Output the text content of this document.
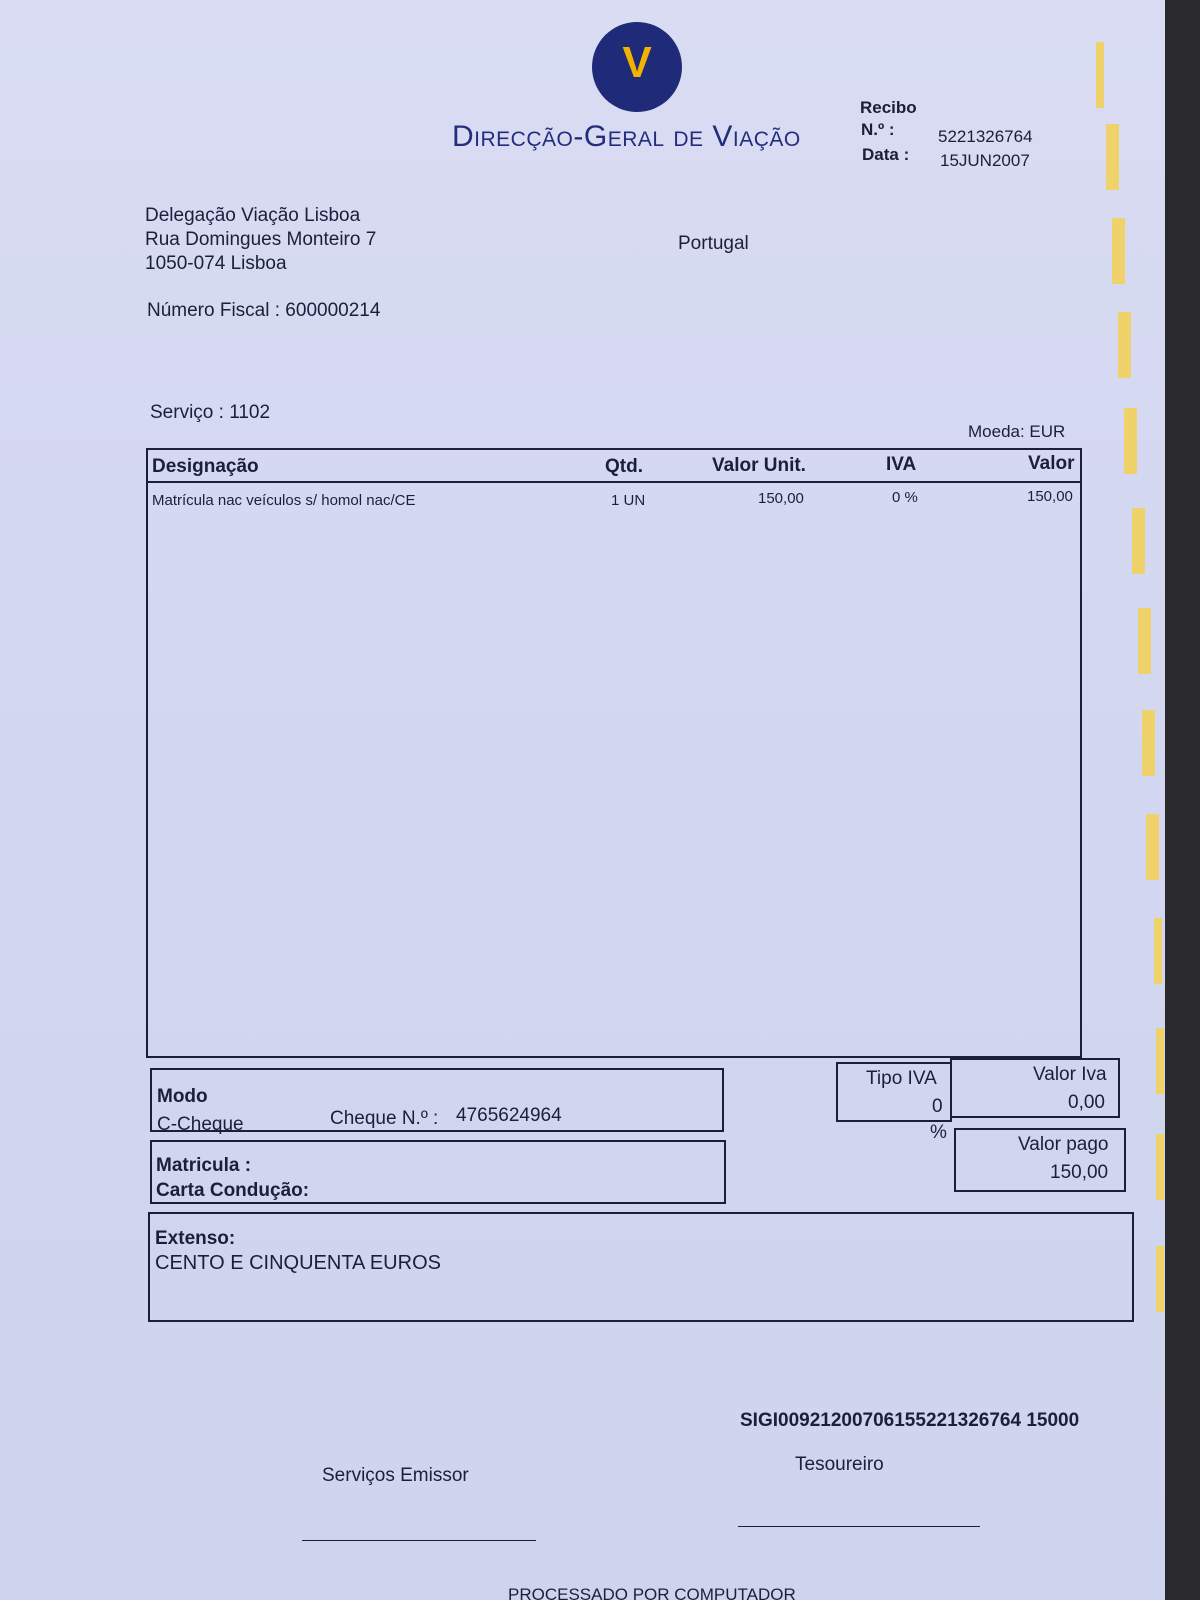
V
Direcção-Geral de Viação
Recibo
N.º :	5221326764
Data : 15JUN2007
Delegação Viação Lisboa
Rua Domingues Monteiro 7
1050-074 Lisboa
Número Fiscal : 600000214
Portugal
Serviço : 1102
Moeda: EUR
Designação	Qtd.	Valor Unit.	IVA	Valor
Matrícula nac veículos s/ homol nac/CE	1 UN	150,00	0 %	150,00
Modo
C-Cheque	Cheque N.º : 4765624964
Matricula :
Carta Condução:
Tipo IVA
0
%
Valor Iva
0,00
Valor pago
150,00
Extenso:
CENTO E CINQUENTA EUROS
SIGI00921200706155221326764 15000
Serviços Emissor
Tesoureiro
PROCESSADO POR COMPUTADOR
